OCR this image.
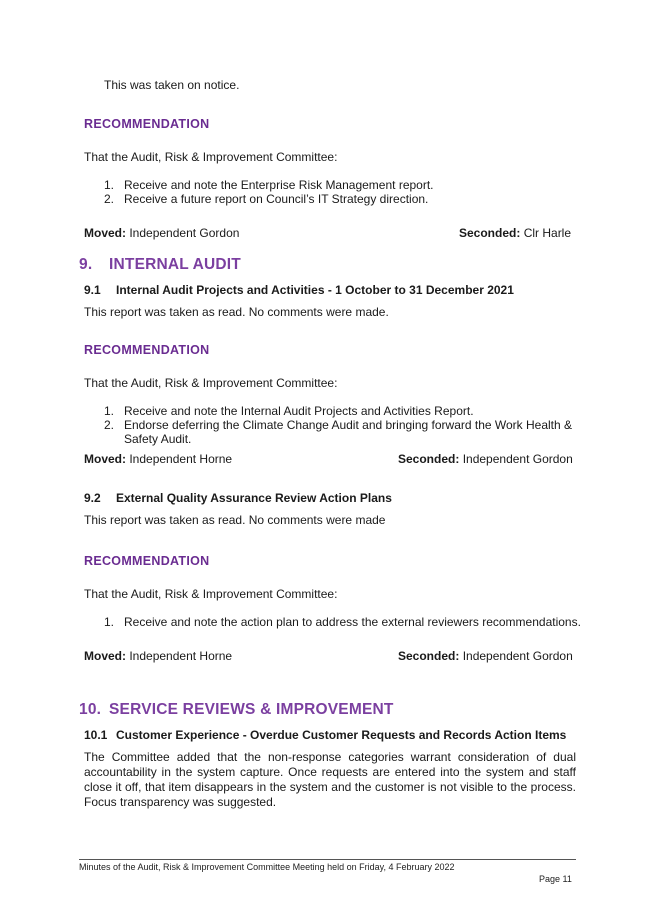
This was taken on notice.
RECOMMENDATION
That the Audit, Risk & Improvement Committee:
1. Receive and note the Enterprise Risk Management report.
2. Receive a future report on Council’s IT Strategy direction.
Moved: Independent Gordon	Seconded: Clr Harle
9. INTERNAL AUDIT
9.1 Internal Audit Projects and Activities - 1 October to 31 December 2021
This report was taken as read. No comments were made.
RECOMMENDATION
That the Audit, Risk & Improvement Committee:
1. Receive and note the Internal Audit Projects and Activities Report.
2. Endorse deferring the Climate Change Audit and bringing forward the Work Health &
Safety Audit.
Moved: Independent Horne	Seconded: Independent Gordon
9.2 External Quality Assurance Review Action Plans
This report was taken as read. No comments were made
RECOMMENDATION
That the Audit, Risk & Improvement Committee:
1. Receive and note the action plan to address the external reviewers recommendations.
Moved: Independent Horne	Seconded: Independent Gordon
10. SERVICE REVIEWS & IMPROVEMENT
10.1 Customer Experience - Overdue Customer Requests and Records Action Items
The Committee added that the non-response categories warrant consideration of dual accountability in the system capture. Once requests are entered into the system and staff close it off, that item disappears in the system and the customer is not visible to the process. Focus transparency was suggested.
Minutes of the Audit, Risk & Improvement Committee Meeting held on Friday, 4 February 2022
Page 11
